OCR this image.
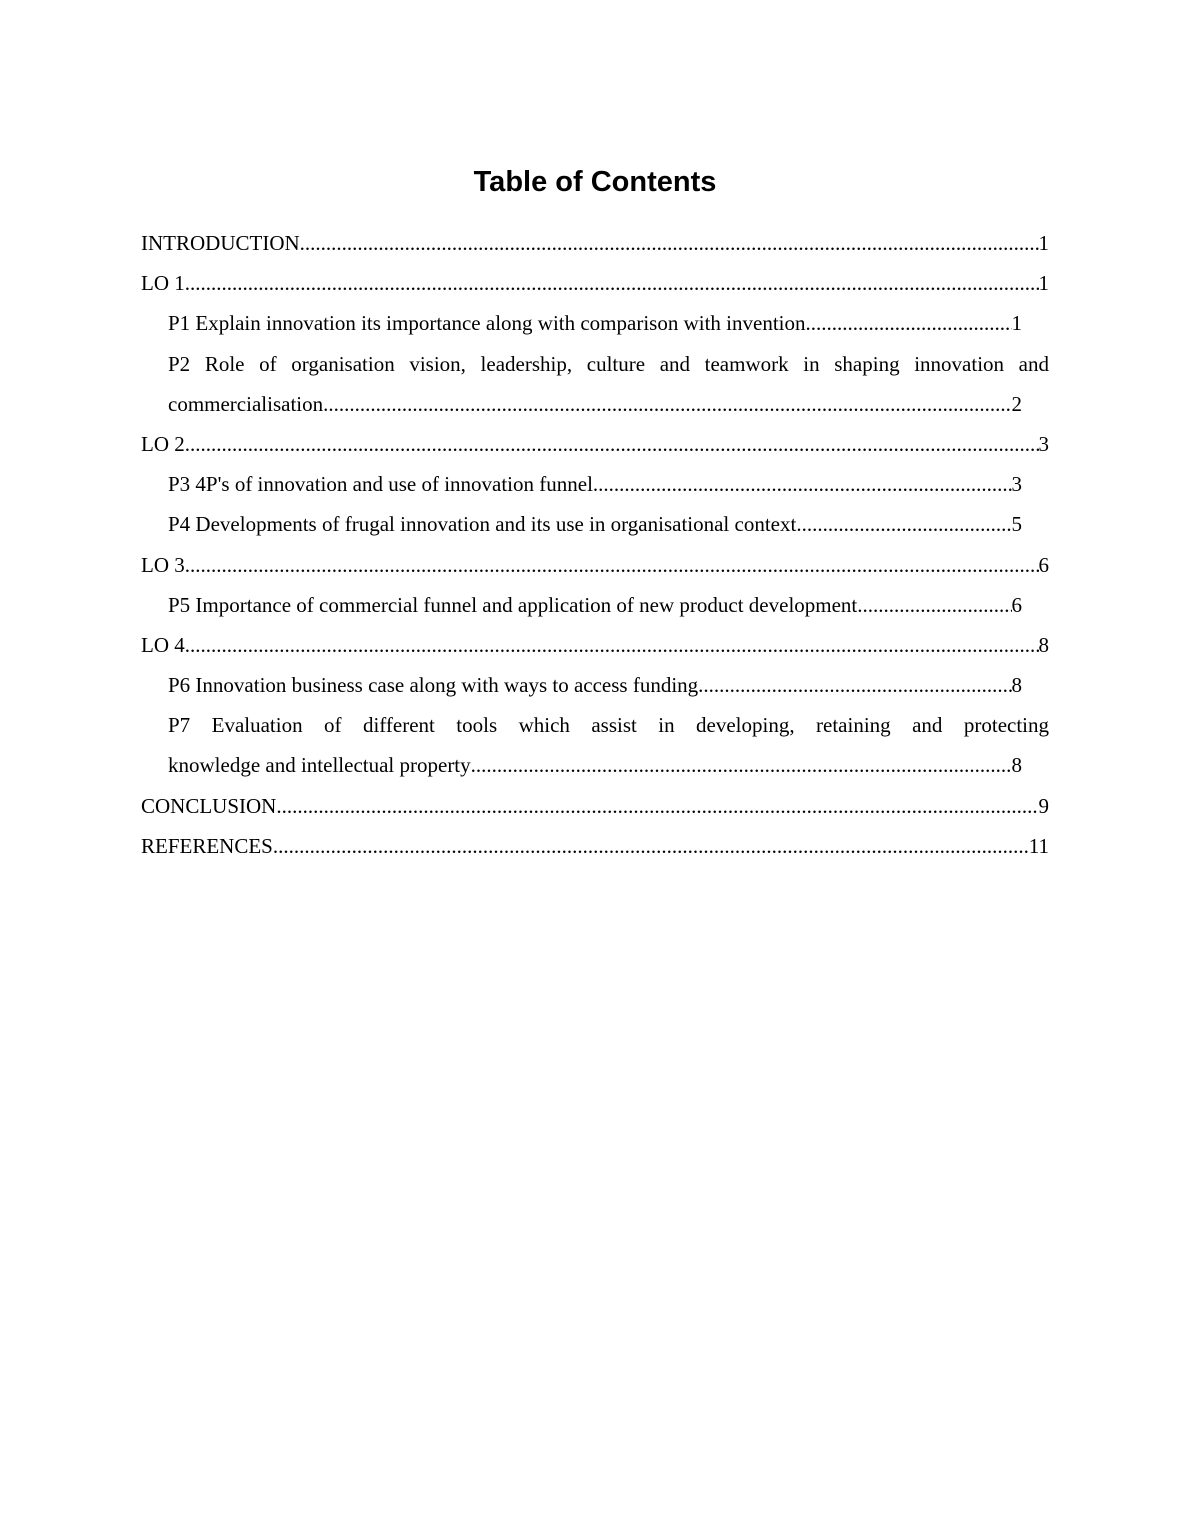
Table of Contents
INTRODUCTION .....	1
LO 1 .....	1
P1 Explain innovation its importance along with comparison with invention .....	1
P2 Role of organisation vision, leadership, culture and teamwork in shaping innovation and
commercialisation .....	2
LO 2 .....	3
P3 4P's of innovation and use of innovation funnel .....	3
P4 Developments of frugal innovation and its use in organisational context .....	5
LO 3 .....	6
P5 Importance of commercial funnel and application of new product development .....	6
LO 4 .....	8
P6 Innovation business case along with ways to access funding .....	8
P7 Evaluation of different tools which assist in developing, retaining and protecting
knowledge and intellectual property .....	8
CONCLUSION .....	9
REFERENCES .....	11
